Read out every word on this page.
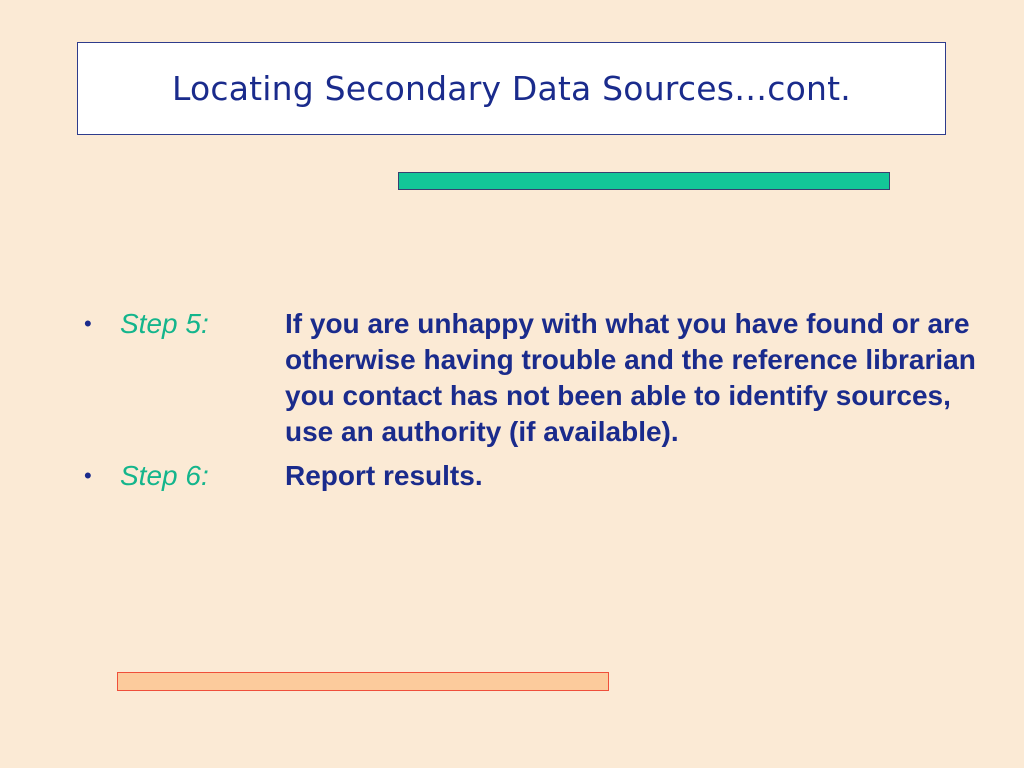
Locating Secondary Data Sources…cont.
•	Step 5:	If you are unhappy with what you have found or are otherwise having trouble and the reference librarian you contact has not been able to identify sources, use an authority (if available).
•	Step 6:	Report results.
